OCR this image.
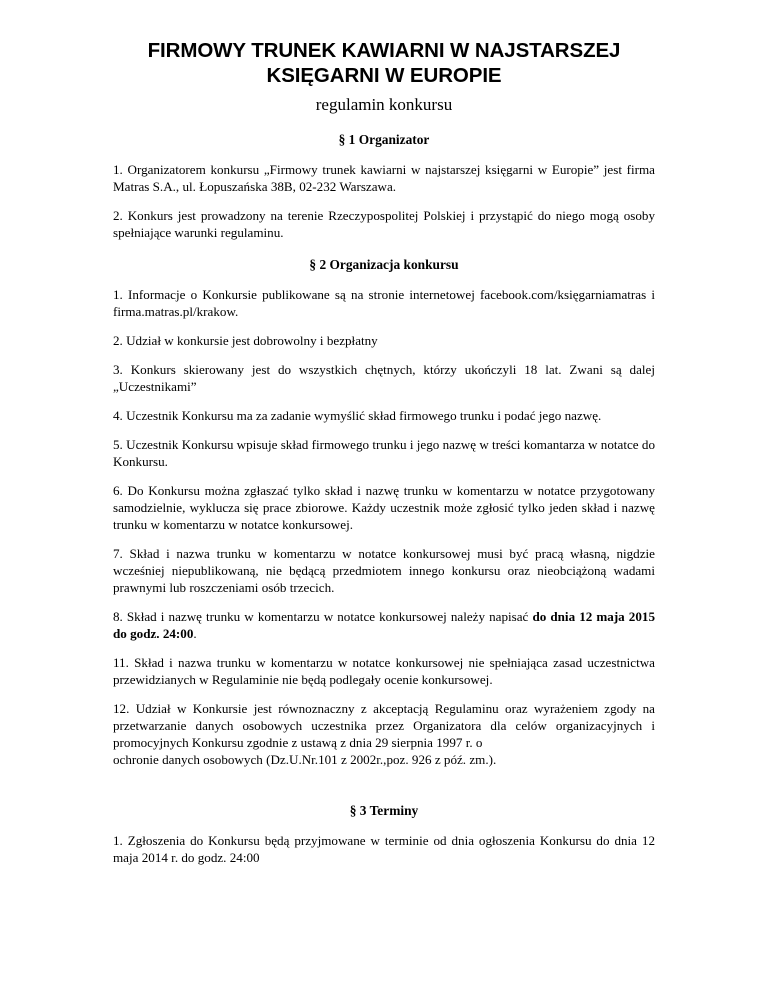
FIRMOWY TRUNEK KAWIARNI W NAJSTARSZEJ
KSIĘGARNI W EUROPIE
regulamin konkursu
§ 1 Organizator

1. Organizatorem konkursu „Firmowy trunek kawiarni w najstarszej księgarni w Europie” jest firma Matras S.A., ul. Łopuszańska 38B, 02-232 Warszawa.

2. Konkurs jest prowadzony na terenie Rzeczypospolitej Polskiej i przystąpić do niego mogą osoby spełniające warunki regulaminu.

§ 2 Organizacja konkursu

1. Informacje o Konkursie publikowane są na stronie internetowej facebook.com/księgarniamatras i firma.matras.pl/krakow.

2. Udział w konkursie jest dobrowolny i bezpłatny

3. Konkurs skierowany jest do wszystkich chętnych, którzy ukończyli 18 lat. Zwani są dalej „Uczestnikami”

4. Uczestnik Konkursu ma za zadanie wymyślić skład firmowego trunku i podać jego nazwę.

5. Uczestnik Konkursu wpisuje skład firmowego trunku i jego nazwę w treści komantarza w notatce do Konkursu.

6. Do Konkursu można zgłaszać tylko skład i nazwę trunku w komentarzu w notatce przygotowany samodzielnie, wyklucza się prace zbiorowe. Każdy uczestnik może zgłosić tylko jeden skład i nazwę trunku w komentarzu w notatce konkursowej.

7. Skład i nazwa trunku w komentarzu w notatce konkursowej musi być pracą własną, nigdzie wcześniej niepublikowaną, nie będącą przedmiotem innego konkursu oraz nieobciążoną wadami prawnymi lub roszczeniami osób trzecich.

8. Skład i nazwę trunku w komentarzu w notatce konkursowej należy napisać do dnia 12 maja 2015 do godz. 24:00.

11. Skład i nazwa trunku w komentarzu w notatce konkursowej nie spełniająca zasad uczestnictwa przewidzianych w Regulaminie nie będą podlegały ocenie konkursowej.

12. Udział w Konkursie jest równoznaczny z akceptacją Regulaminu oraz wyrażeniem zgody na przetwarzanie danych osobowych uczestnika przez Organizatora dla celów organizacyjnych i promocyjnych Konkursu zgodnie z ustawą z dnia 29 sierpnia 1997 r. o
ochronie danych osobowych (Dz.U.Nr.101 z 2002r.,poz. 926 z póź. zm.).

§ 3 Terminy

1. Zgłoszenia do Konkursu będą przyjmowane w terminie od dnia ogłoszenia Konkursu do dnia 12 maja 2014 r. do godz. 24:00
